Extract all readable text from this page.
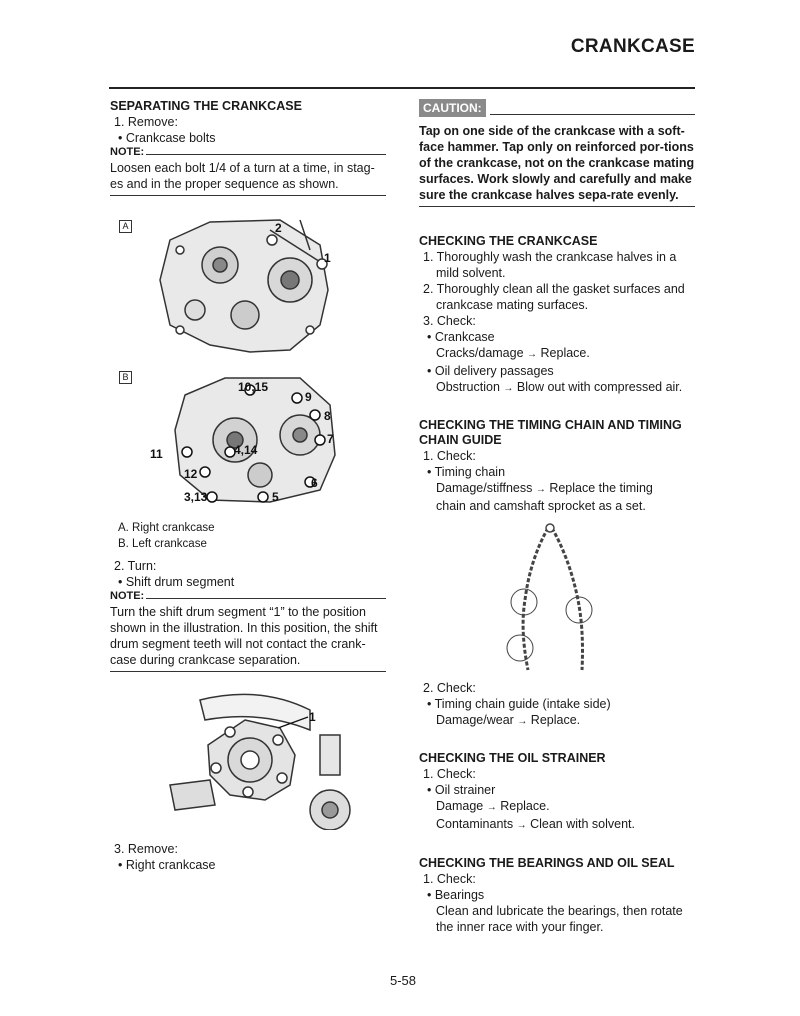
CRANKCASE

SEPARATING THE CRANKCASE

1. Remove:

• Crankcase bolts

NOTE:

Loosen each bolt 1/4 of a turn at a time, in stag-es and in the proper sequence as shown.

A
B
2
1
10,15
9
8
7
11	4,14
12
6
3,13	5

A. Right crankcase

B. Left crankcase

2. Turn:

• Shift drum segment

NOTE:

Turn the shift drum segment “1” to the position shown in the illustration. In this position, the shift drum segment teeth will not contact the crank-case during crankcase separation.

1

3. Remove:

• Right crankcase

CAUTION:

Tap on one side of the crankcase with a soft-face hammer. Tap only on reinforced por-tions of the crankcase, not on the crankcase mating surfaces. Work slowly and carefully and make sure the crankcase halves sepa-rate evenly.

CHECKING THE CRANKCASE

1. Thoroughly wash the crankcase halves in a

mild solvent.

2. Thoroughly clean all the gasket surfaces and

crankcase mating surfaces.

3. Check:

• Crankcase

Cracks/damage → Replace.

• Oil delivery passages

Obstruction → Blow out with compressed air.

CHECKING THE TIMING CHAIN AND TIMING CHAIN GUIDE

1. Check:

• Timing chain

Damage/stiffness → Replace the timing

chain and camshaft sprocket as a set.

2. Check:

• Timing chain guide (intake side)

Damage/wear → Replace.

CHECKING THE OIL STRAINER

1. Check:

• Oil strainer

Damage → Replace.

Contaminants → Clean with solvent.

CHECKING THE BEARINGS AND OIL SEAL

1. Check:

• Bearings

Clean and lubricate the bearings, then rotate

the inner race with your finger.

5-58
